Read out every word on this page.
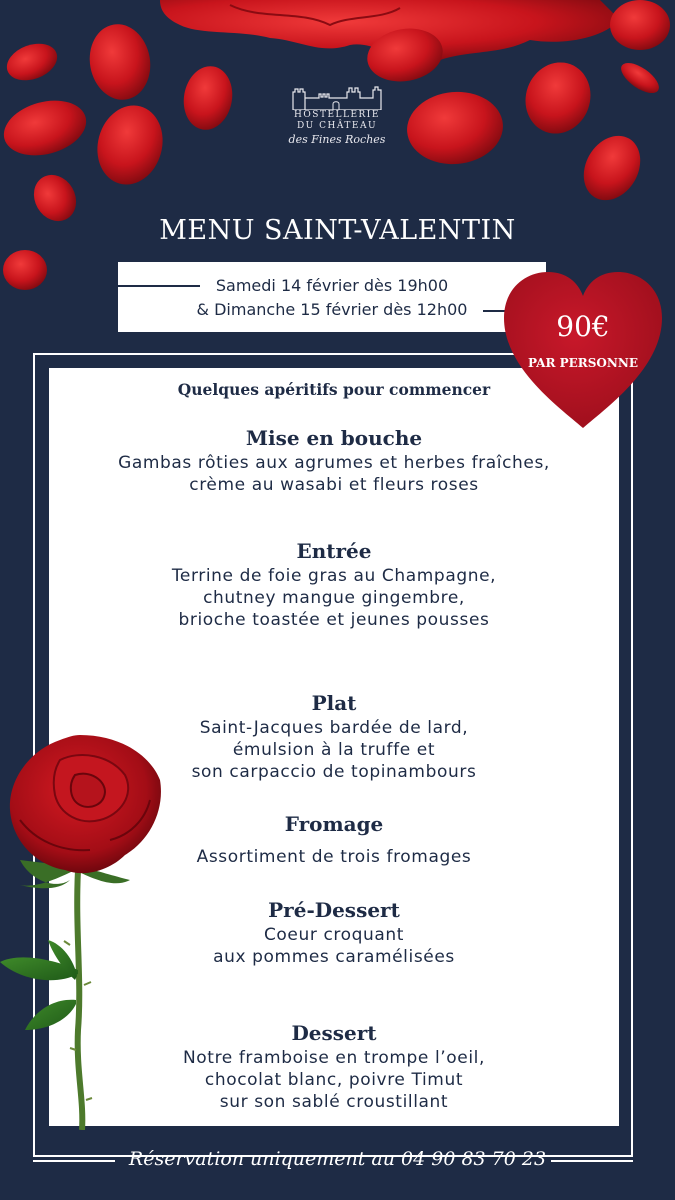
HOSTELLERIE
DU CHÂTEAU
des Fines Roches
MENU SAINT-VALENTIN
Samedi 14 février dès 19h00
& Dimanche 15 février dès 12h00
90€
PAR PERSONNE
Quelques apéritifs pour commencer
Mise en bouche
Gambas rôties aux agrumes et herbes fraîches,
crème au wasabi et fleurs roses
Entrée
Terrine de foie gras au Champagne,
chutney mangue gingembre,
brioche toastée et jeunes pousses
Plat
Saint-Jacques bardée de lard,
émulsion à la truffe et
son carpaccio de topinambours
Fromage
Assortiment de trois fromages
Pré-Dessert
Coeur croquant
aux pommes caramélisées
Dessert
Notre framboise en trompe l’oeil,
chocolat blanc, poivre Timut
sur son sablé croustillant
Réservation uniquement au 04 90 83 70 23
